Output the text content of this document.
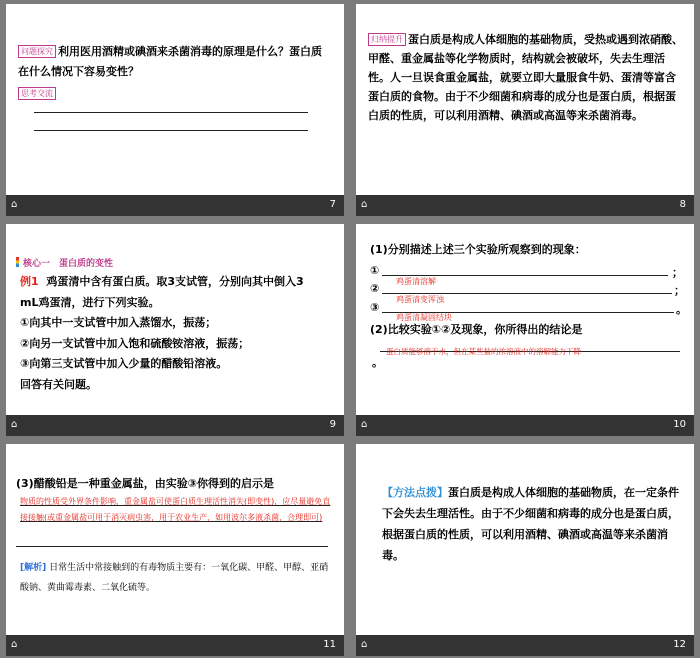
问题探究 利用医用酒精或碘酒来杀菌消毒的原理是什么？蛋白质在什么情况下容易变性？
思考交流
⌂	7
归纳提升 蛋白质是构成人体细胞的基础物质，受热或遇到浓硝酸、甲醛、重金属盐等化学物质时，结构就会被破坏，失去生理活性。人一旦误食重金属盐，就要立即大量服食牛奶、蛋清等富含蛋白质的食物。由于不少细菌和病毒的成分也是蛋白质，根据蛋白质的性质，可以利用酒精、碘酒或高温等来杀菌消毒。
⌂	8
核心一　蛋白质的变性
例1 鸡蛋清中含有蛋白质。取3支试管，分别向其中倒入3
mL鸡蛋清，进行下列实验。
①向其中一支试管中加入蒸馏水，振荡；
②向另一支试管中加入饱和硫酸铵溶液，振荡；
③向第三支试管中加入少量的醋酸铅溶液。
回答有关问题。
⌂	9
(1)分别描述上述三个实验所观察到的现象：
①	；
鸡蛋清溶解
②	；
鸡蛋清变浑浊
③	。
鸡蛋清凝固结块
(2)比较实验①②及现象，你所得出的结论是
蛋白质能够溶于水，但在某些盐的浓溶液中的溶解能力下降
。
⌂	10
(3)醋酸铅是一种重金属盐，由实验③你得到的启示是
物质的性质受外界条件影响，重金属盐可使蛋白质生理活性消失(即变性)，应尽量避免直接接触(或重金属盐可用于消灭病虫害，用于农业生产，如用波尔多液杀菌，合理即可)
[解析] 日常生活中常接触到的有毒物质主要有：一氧化碳、甲醛、甲醇、亚硝酸钠、黄曲霉毒素、二氧化硫等。
⌂	11
【方法点拨】蛋白质是构成人体细胞的基础物质，在一定条件下会失去生理活性。由于不少细菌和病毒的成分也是蛋白质，根据蛋白质的性质，可以利用酒精、碘酒或高温等来杀菌消毒。
⌂	12
